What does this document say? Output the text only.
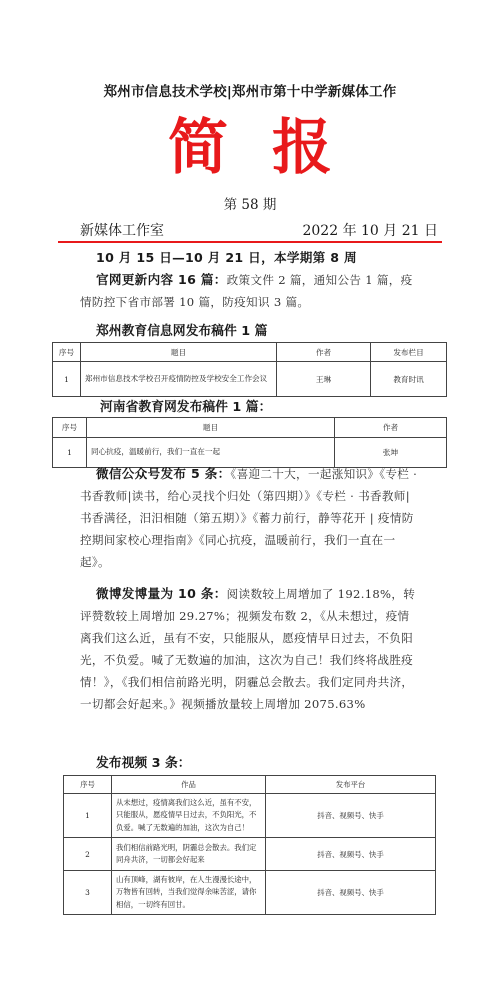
郑州市信息技术学校|郑州市第十中学新媒体工作
简报
第 58 期
新媒体工作室	2022 年 10 月 21 日
10 月 15 日—10 月 21 日，本学期第 8 周
官网更新内容 16 篇：政策文件 2 篇，通知公告 1 篇，疫情防控下省市部署 10 篇，防疫知识 3 篇。
郑州教育信息网发布稿件 1 篇
序号	题目	作者	发布栏目
1	郑州市信息技术学校召开疫情防控及学校安全工作会议	王琳	教育时讯
河南省教育网发布稿件 1 篇：
序号	题目	作者
1	同心抗疫，温暖前行，我们一直在一起	张坤
微信公众号发布 5 条：《喜迎二十大，一起涨知识》《专栏 · 书香教师|读书，给心灵找个归处（第四期）》《专栏 · 书香教师|书香满径，汨汨相随（第五期）》《蓄力前行，静等花开 | 疫情防控期间家校心理指南》《同心抗疫，温暖前行，我们一直在一起》。
微博发博量为 10 条：阅读数较上周增加了 192.18%，转评赞数较上周增加 29.27%；视频发布数 2，《从未想过，疫情离我们这么近，虽有不安，只能服从，愿疫情早日过去，不负阳光，不负爱。喊了无数遍的加油，这次为自己！我们终将战胜疫情！》，《我们相信前路光明，阴霾总会散去。我们定同舟共济，一切都会好起来。》视频播放量较上周增加 2075.63%
发布视频 3 条：
序号	作品	发布平台
1	从未想过，疫情离我们这么近，虽有不安，只能服从，愿疫情早日过去，不负阳光，不负爱。喊了无数遍的加油，这次为自己！	抖音、视频号、快手
2	我们相信前路光明，阴霾总会散去。我们定同舟共济，一切都会好起来	抖音、视频号、快手
3	山有顶峰，湖有彼岸，在人生漫漫长途中，万物皆有回转，当我们觉得余味苦涩，请你相信，一切终有回甘。	抖音、视频号、快手
